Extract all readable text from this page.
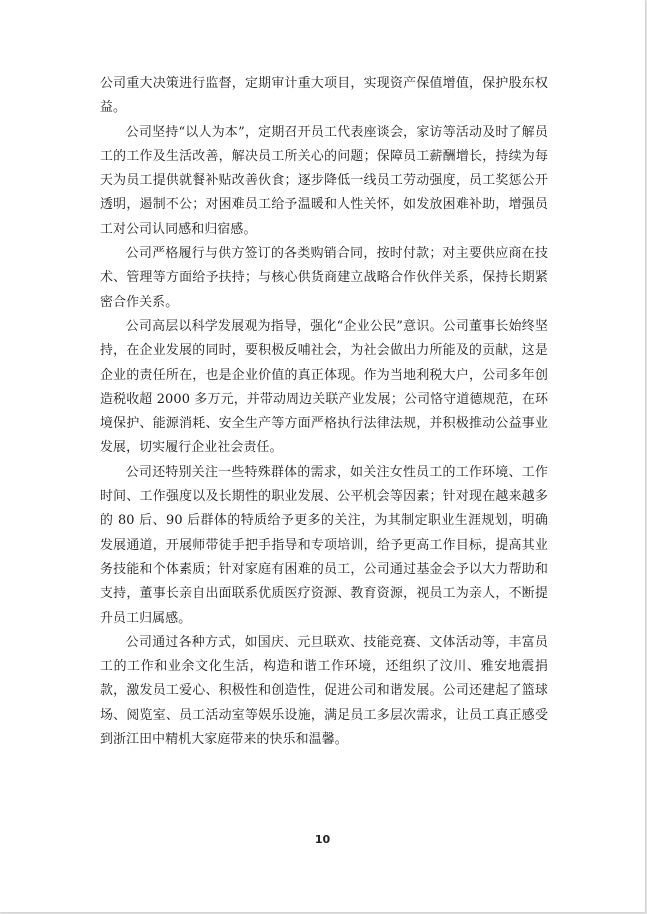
公司重大决策进行监督，定期审计重大项目，实现资产保值增值，保护股东权益。

公司坚持“以人为本”，定期召开员工代表座谈会，家访等活动及时了解员工的工作及生活改善，解决员工所关心的问题；保障员工薪酬增长，持续为每天为员工提供就餐补贴改善伙食；逐步降低一线员工劳动强度，员工奖惩公开透明，遏制不公；对困难员工给予温暖和人性关怀，如发放困难补助，增强员工对公司认同感和归宿感。

公司严格履行与供方签订的各类购销合同，按时付款；对主要供应商在技术、管理等方面给予扶持；与核心供货商建立战略合作伙伴关系，保持长期紧密合作关系。

公司高层以科学发展观为指导，强化“企业公民”意识。公司董事长始终坚持，在企业发展的同时，要积极反哺社会，为社会做出力所能及的贡献，这是企业的责任所在，也是企业价值的真正体现。作为当地利税大户，公司多年创造税收超 2000 多万元，并带动周边关联产业发展；公司恪守道德规范，在环境保护、能源消耗、安全生产等方面严格执行法律法规，并积极推动公益事业发展，切实履行企业社会责任。

公司还特别关注一些特殊群体的需求，如关注女性员工的工作环境、工作时间、工作强度以及长期性的职业发展、公平机会等因素；针对现在越来越多的 80 后、90 后群体的特质给予更多的关注，为其制定职业生涯规划，明确发展通道，开展师带徒手把手指导和专项培训，给予更高工作目标，提高其业务技能和个体素质；针对家庭有困难的员工，公司通过基金会予以大力帮助和支持，董事长亲自出面联系优质医疗资源、教育资源，视员工为亲人，不断提升员工归属感。

公司通过各种方式，如国庆、元旦联欢、技能竞赛、文体活动等，丰富员工的工作和业余文化生活，构造和谐工作环境，还组织了汶川、雅安地震捐款，激发员工爱心、积极性和创造性，促进公司和谐发展。公司还建起了篮球场、阅览室、员工活动室等娱乐设施，满足员工多层次需求，让员工真正感受到浙江田中精机大家庭带来的快乐和温馨。

10
